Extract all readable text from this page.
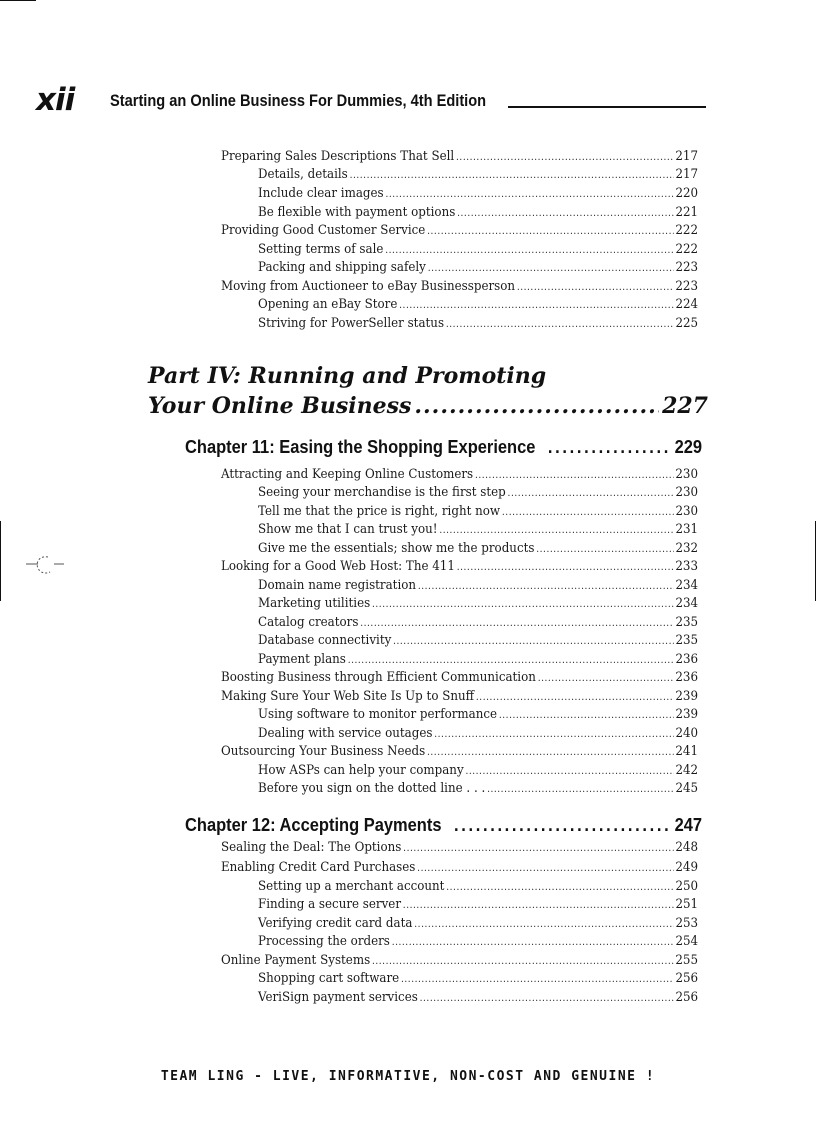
xii Starting an Online Business For Dummies, 4th Edition
Preparing Sales Descriptions That Sell .....	217
Details, details .....	217
Include clear images .....	220
Be flexible with payment options .....	221
Providing Good Customer Service .....	222
Setting terms of sale .....	222
Packing and shipping safely .....	223
Moving from Auctioneer to eBay Businessperson .....	223
Opening an eBay Store .....	224
Striving for PowerSeller status .....	225
Part IV: Running and Promoting
Your Online Business .....	227
Chapter 11: Easing the Shopping Experience .....	229
Attracting and Keeping Online Customers .....	230
Seeing your merchandise is the first step .....	230
Tell me that the price is right, right now .....	230
Show me that I can trust you! .....	231
Give me the essentials; show me the products .....	232
Looking for a Good Web Host: The 411 .....	233
Domain name registration .....	234
Marketing utilities .....	234
Catalog creators .....	235
Database connectivity .....	235
Payment plans .....	236
Boosting Business through Efficient Communication .....	236
Making Sure Your Web Site Is Up to Snuff .....	239
Using software to monitor performance .....	239
Dealing with service outages .....	240
Outsourcing Your Business Needs .....	241
How ASPs can help your company .....	242
Before you sign on the dotted line . . . .....	245
Chapter 12: Accepting Payments .....	247
Sealing the Deal: The Options .....	248
Enabling Credit Card Purchases .....	249
Setting up a merchant account .....	250
Finding a secure server .....	251
Verifying credit card data .....	253
Processing the orders .....	254
Online Payment Systems .....	255
Shopping cart software .....	256
VeriSign payment services .....	256
TEAM LING - LIVE, INFORMATIVE, NON-COST AND GENUINE !
